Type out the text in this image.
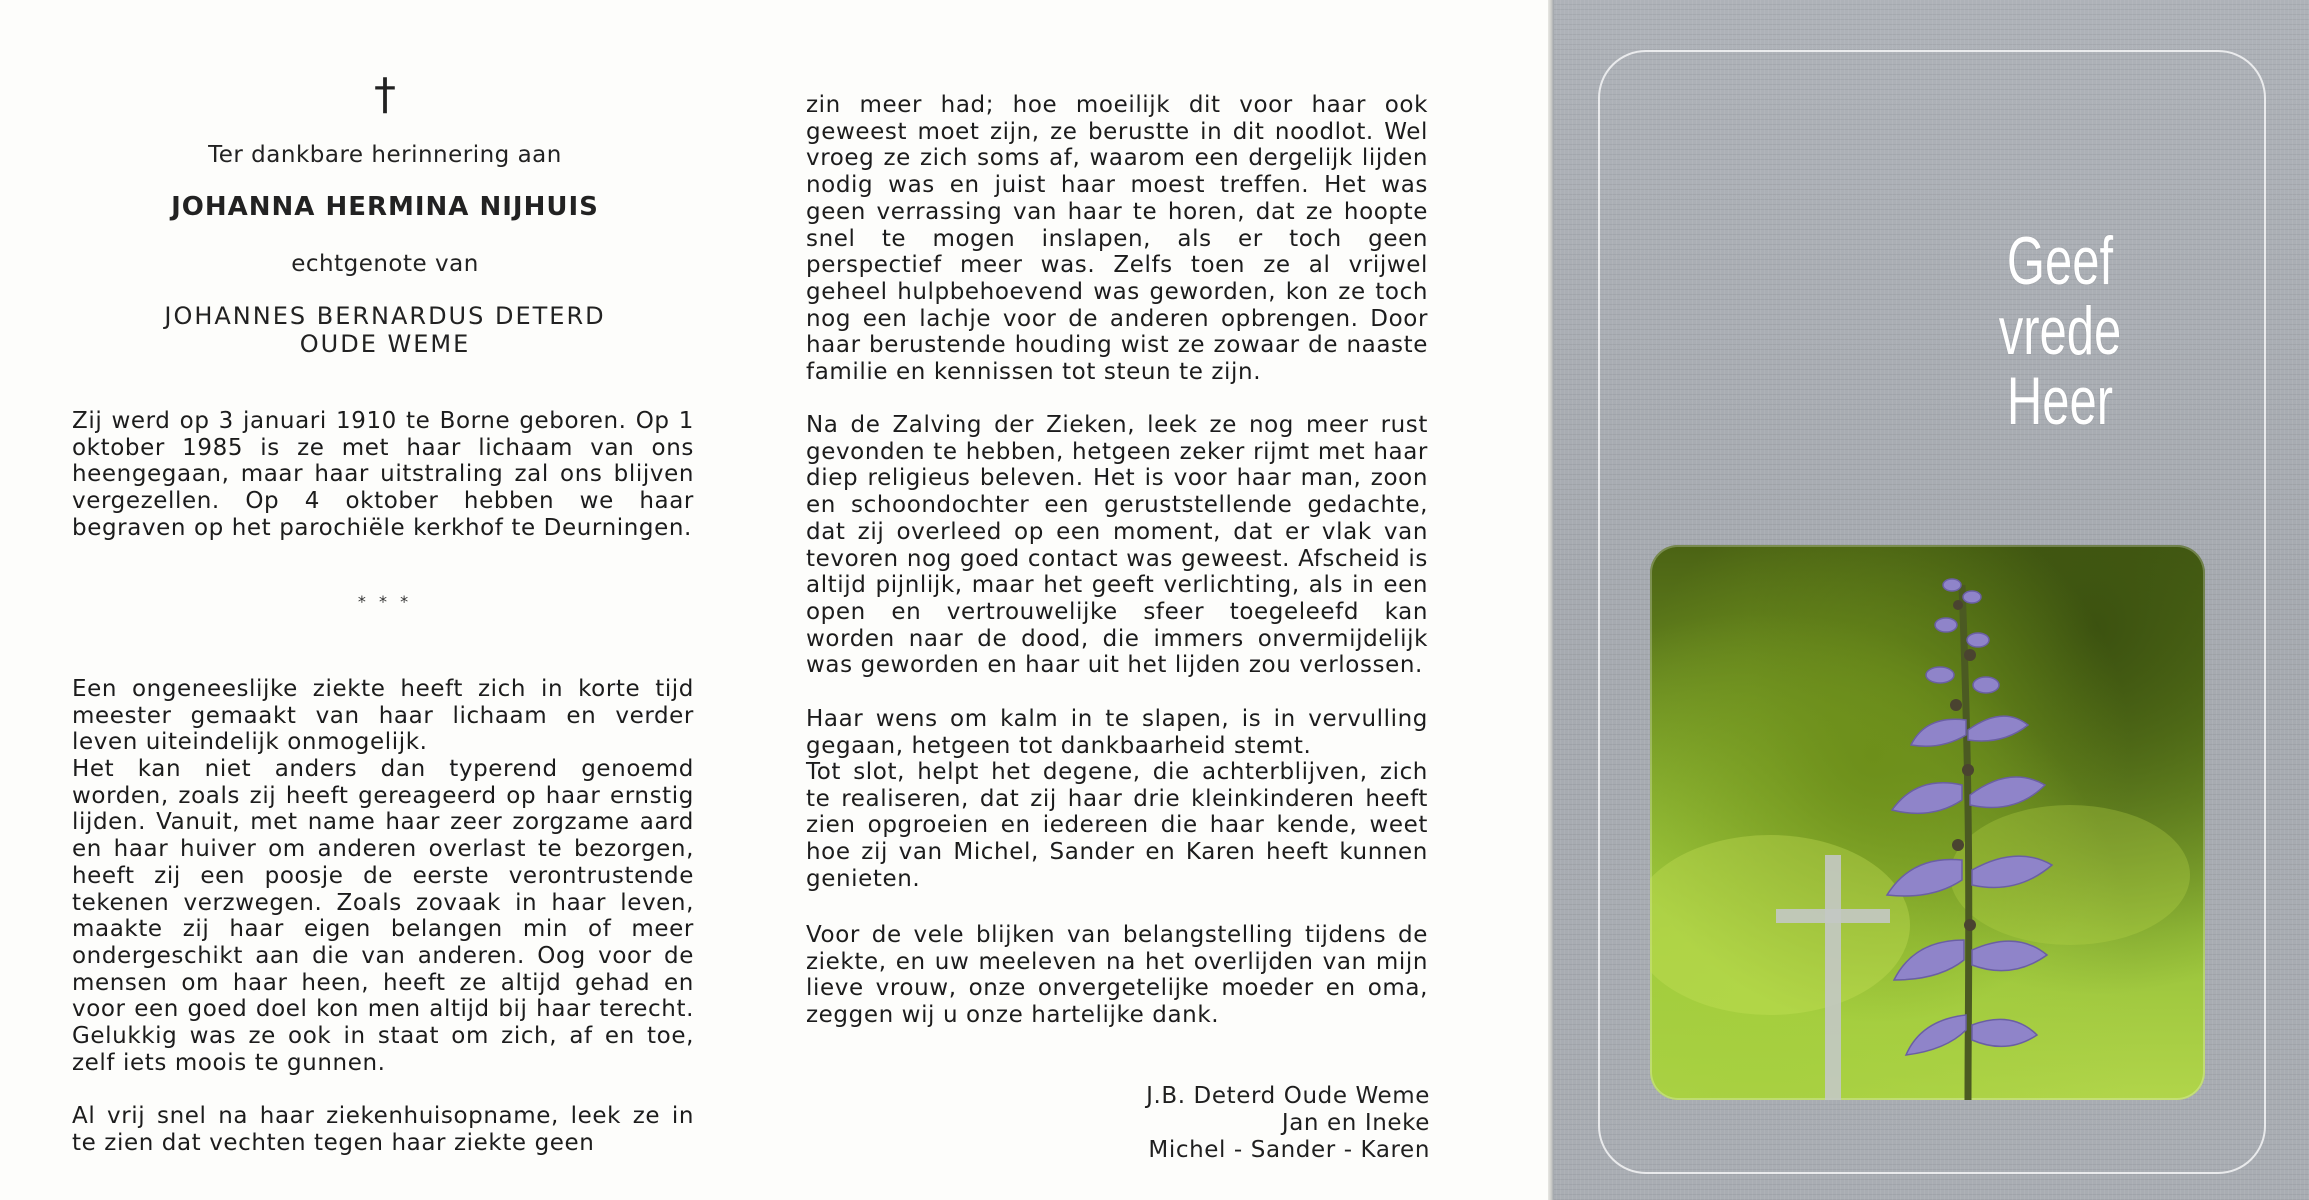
†
Ter dankbare herinnering aan
JOHANNA HERMINA NIJHUIS
echtgenote van
JOHANNES BERNARDUS DETERD
OUDE WEME
Zij werd op 3 januari 1910 te Borne geboren. Op 1 oktober 1985 is ze met haar lichaam van ons heengegaan, maar haar uitstraling zal ons blijven vergezellen. Op 4 oktober hebben we haar begraven op het parochiële kerkhof te Deurningen.
* * *
Een ongeneeslijke ziekte heeft zich in korte tijd meester gemaakt van haar lichaam en verder leven uiteindelijk onmogelijk.
Het kan niet anders dan typerend genoemd worden, zoals zij heeft gereageerd op haar ernstig lijden. Vanuit, met name haar zeer zorgzame aard en haar huiver om anderen overlast te bezorgen, heeft zij een poosje de eerste verontrustende tekenen verzwegen. Zoals zovaak in haar leven, maakte zij haar eigen belangen min of meer ondergeschikt aan die van anderen. Oog voor de mensen om haar heen, heeft ze altijd gehad en voor een goed doel kon men altijd bij haar terecht. Gelukkig was ze ook in staat om zich, af en toe, zelf iets moois te gunnen.
Al vrij snel na haar ziekenhuisopname, leek ze in te zien dat vechten tegen haar ziekte geen
zin meer had; hoe moeilijk dit voor haar ook geweest moet zijn, ze berustte in dit noodlot. Wel vroeg ze zich soms af, waarom een dergelijk lijden nodig was en juist haar moest treffen. Het was geen verrassing van haar te horen, dat ze hoopte snel te mogen inslapen, als er toch geen perspectief meer was. Zelfs toen ze al vrijwel geheel hulpbehoevend was geworden, kon ze toch nog een lachje voor de anderen opbrengen. Door haar berustende houding wist ze zowaar de naaste familie en kennissen tot steun te zijn.
Na de Zalving der Zieken, leek ze nog meer rust gevonden te hebben, hetgeen zeker rijmt met haar diep religieus beleven. Het is voor haar man, zoon en schoondochter een geruststellende gedachte, dat zij overleed op een moment, dat er vlak van tevoren nog goed contact was geweest. Afscheid is altijd pijnlijk, maar het geeft verlichting, als in een open en vertrouwelijke sfeer toegeleefd kan worden naar de dood, die immers onvermijdelijk was geworden en haar uit het lijden zou verlossen.
Haar wens om kalm in te slapen, is in vervulling gegaan, hetgeen tot dankbaarheid stemt.
Tot slot, helpt het degene, die achterblijven, zich te realiseren, dat zij haar drie kleinkinderen heeft zien opgroeien en iedereen die haar kende, weet hoe zij van Michel, Sander en Karen heeft kunnen genieten.
Voor de vele blijken van belangstelling tijdens de ziekte, en uw meeleven na het overlijden van mijn lieve vrouw, onze onvergetelijke moeder en oma, zeggen wij u onze hartelijke dank.
J.B. Deterd Oude Weme
Jan en Ineke
Michel - Sander - Karen
Geef
vrede
Heer
